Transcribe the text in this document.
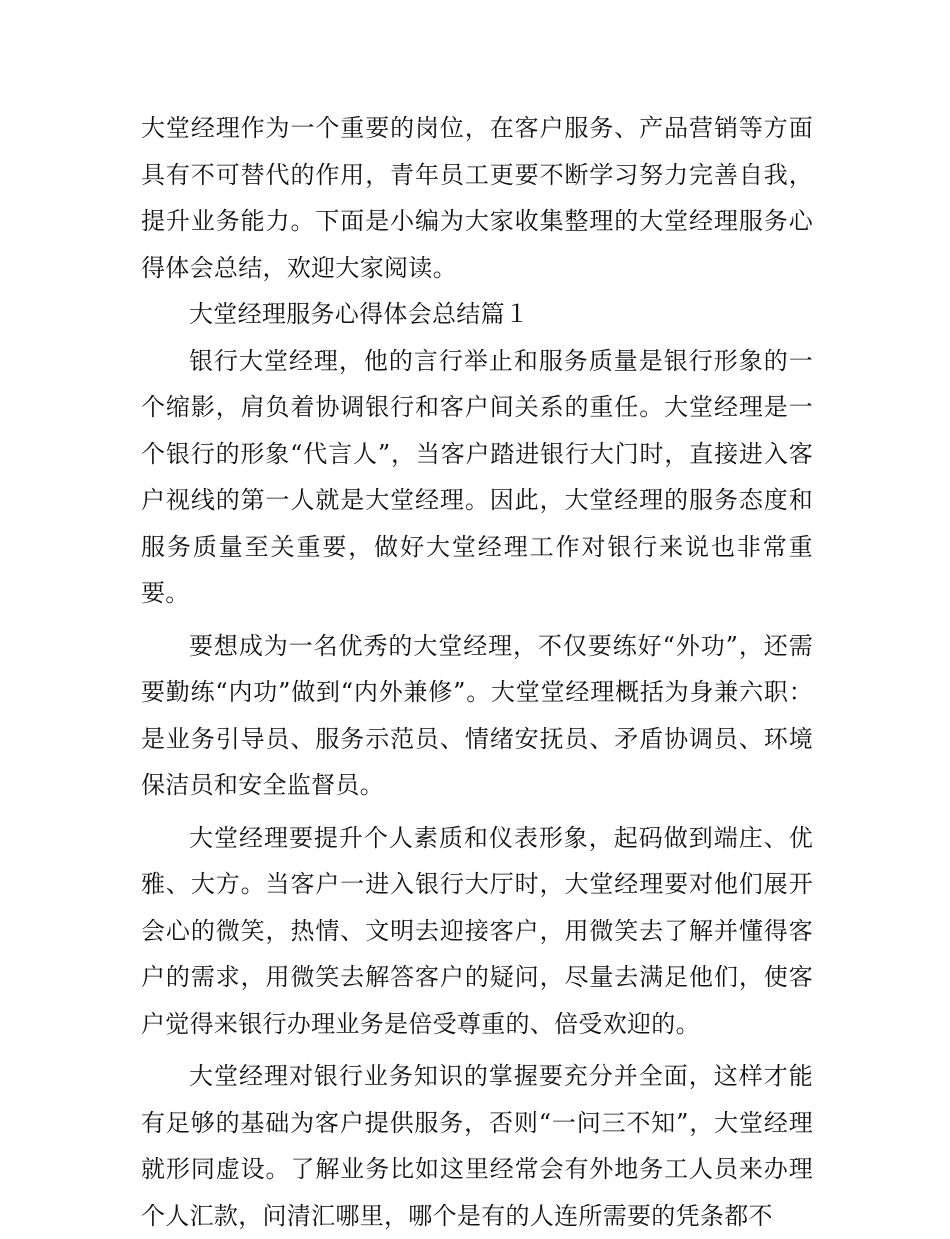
大堂经理作为一个重要的岗位，在客户服务、产品营销等方面具有不可替代的作用，青年员工更要不断学习努力完善自我，提升业务能力。下面是小编为大家收集整理的大堂经理服务心得体会总结，欢迎大家阅读。

大堂经理服务心得体会总结篇１

银行大堂经理，他的言行举止和服务质量是银行形象的一个缩影，肩负着协调银行和客户间关系的重任。大堂经理是一个银行的形象“代言人”，当客户踏进银行大门时，直接进入客户视线的第一人就是大堂经理。因此，大堂经理的服务态度和服务质量至关重要，做好大堂经理工作对银行来说也非常重要。

要想成为一名优秀的大堂经理，不仅要练好“外功”，还需要勤练“内功”做到“内外兼修”。大堂堂经理概括为身兼六职：是业务引导员、服务示范员、情绪安抚员、矛盾协调员、环境保洁员和安全监督员。

大堂经理要提升个人素质和仪表形象，起码做到端庄、优雅、大方。当客户一进入银行大厅时，大堂经理要对他们展开会心的微笑，热情、文明去迎接客户，用微笑去了解并懂得客户的需求，用微笑去解答客户的疑问，尽量去满足他们，使客户觉得来银行办理业务是倍受尊重的、倍受欢迎的。

大堂经理对银行业务知识的掌握要充分并全面，这样才能有足够的基础为客户提供服务，否则“一问三不知”，大堂经理就形同虚设。了解业务比如这里经常会有外地务工人员来办理个人汇款，问清汇哪里，哪个是有的人连所需要的凭条都不
